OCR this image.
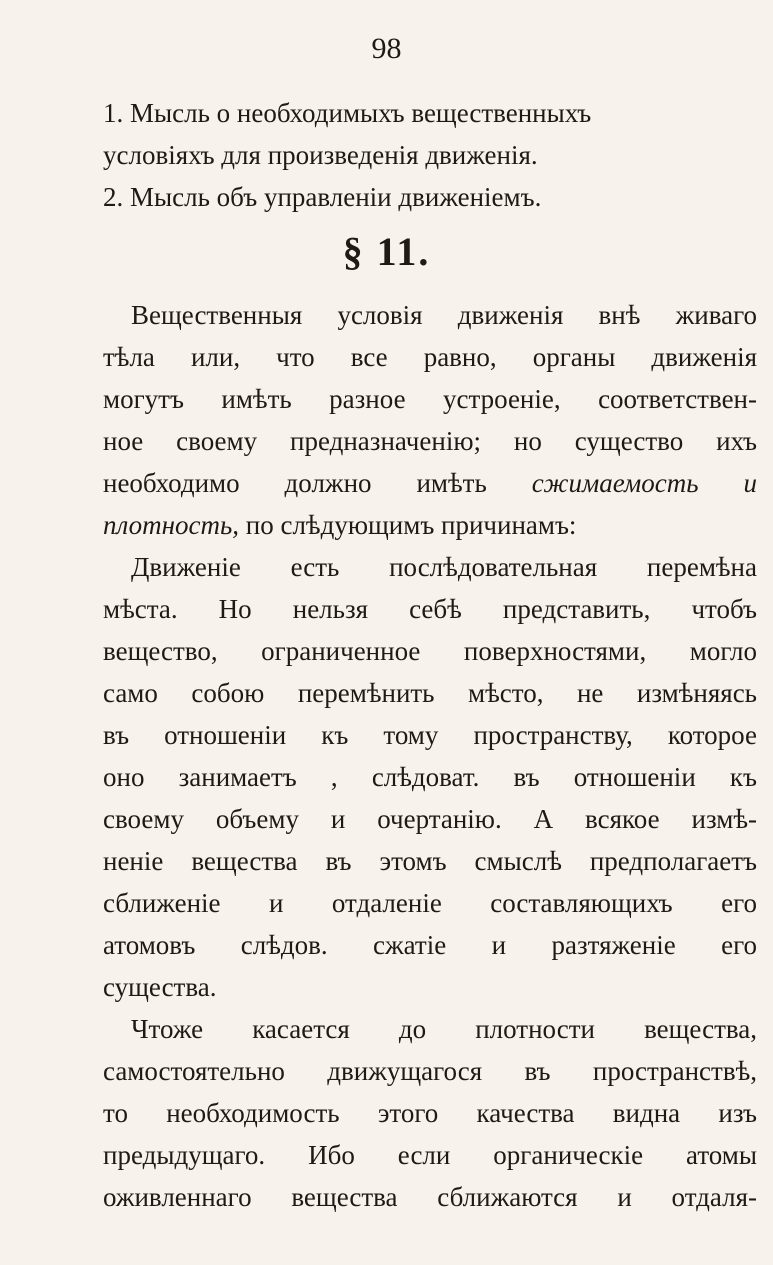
98
1. Мысль о необходимыхъ вещественныхъ
условіяхъ для произведенія движенія.
2. Мысль объ управленіи движеніемъ.
§ 11.
Вещественныя условія движенія внѣ живаго
тѣла или, что все равно, органы движенія
могутъ имѣть разное устроеніе, соответствен-
ное своему предназначенію; но существо ихъ
необходимо должно имѣть сжимаемость и
плотность, по слѣдующимъ причинамъ:
Движеніе есть послѣдовательная перемѣна
мѣста. Но нельзя себѣ представить, чтобъ
вещество, ограниченное поверхностями, могло
само собою перемѣнить мѣсто, не измѣняясь
въ отношеніи къ тому пространству, которое
оно занимаетъ , слѣдоват. въ отношеніи къ
своему объему и очертанію. А всякое измѣ-
неніе вещества въ этомъ смыслѣ предполагаетъ
сближеніе и отдаленіе составляющихъ его
атомовъ слѣдов. сжатіе и разтяженіе его
существа.
Чтоже касается до плотности вещества,
самостоятельно движущагося въ пространствѣ,
то необходимость этого качества видна изъ
предыдущаго. Ибо если органическіе атомы
оживленнаго вещества сближаются и отдаля-
